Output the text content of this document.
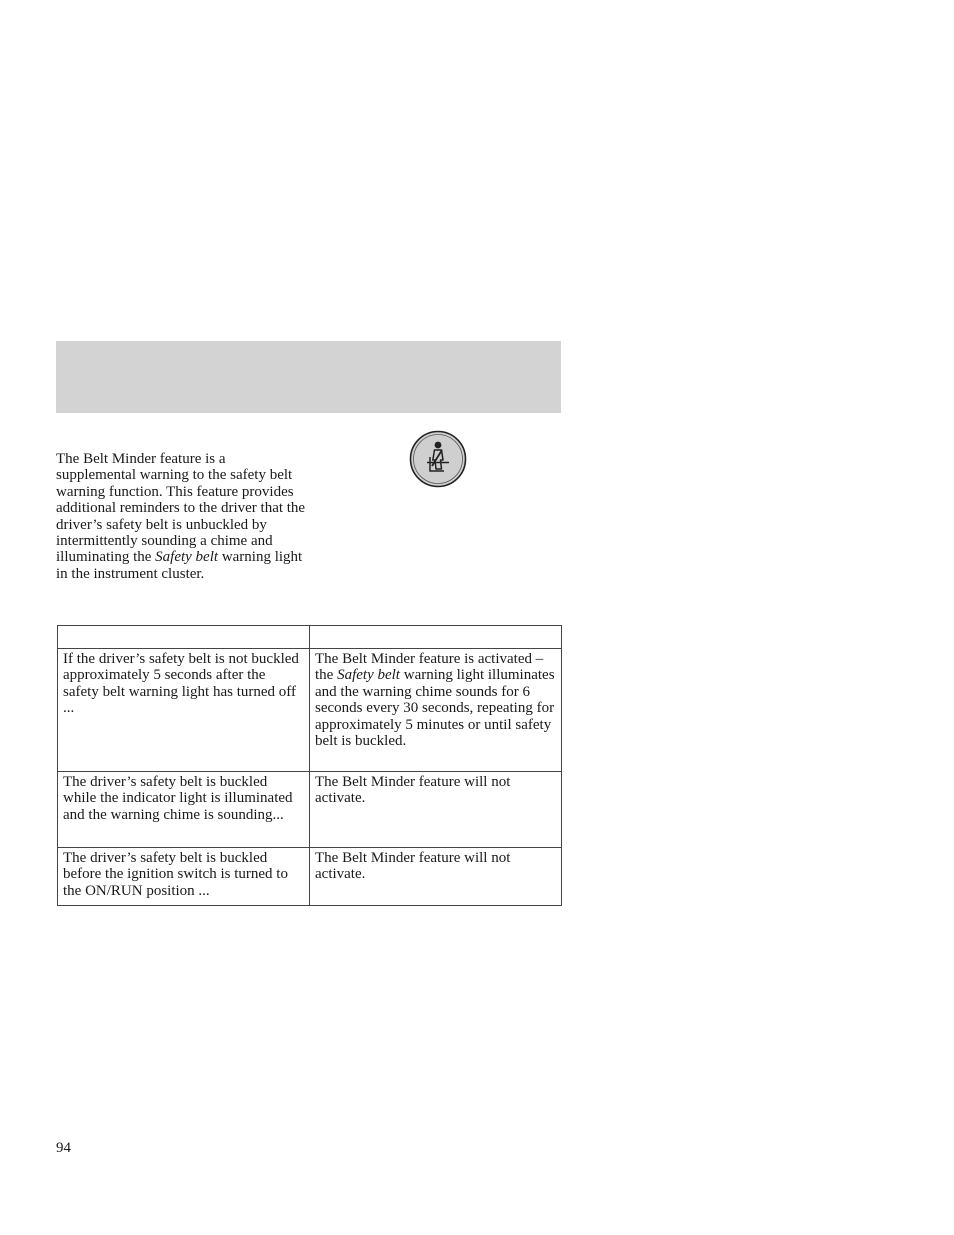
The Belt Minder feature is a supplemental warning to the safety belt warning function. This feature provides additional reminders to the driver that the driver’s safety belt is unbuckled by intermittently sounding a chime and illuminating the Safety belt warning light in the instrument cluster.

If the driver’s safety belt is not buckled approximately 5 seconds after the safety belt warning light has turned off ...	The Belt Minder feature is activated – the Safety belt warning light illuminates and the warning chime sounds for 6 seconds every 30 seconds, repeating for approximately 5 minutes or until safety belt is buckled.
The driver’s safety belt is buckled while the indicator light is illuminated and the warning chime is sounding...	The Belt Minder feature will not activate.
The driver’s safety belt is buckled before the ignition switch is turned to the ON/RUN position ...	The Belt Minder feature will not activate.
94
